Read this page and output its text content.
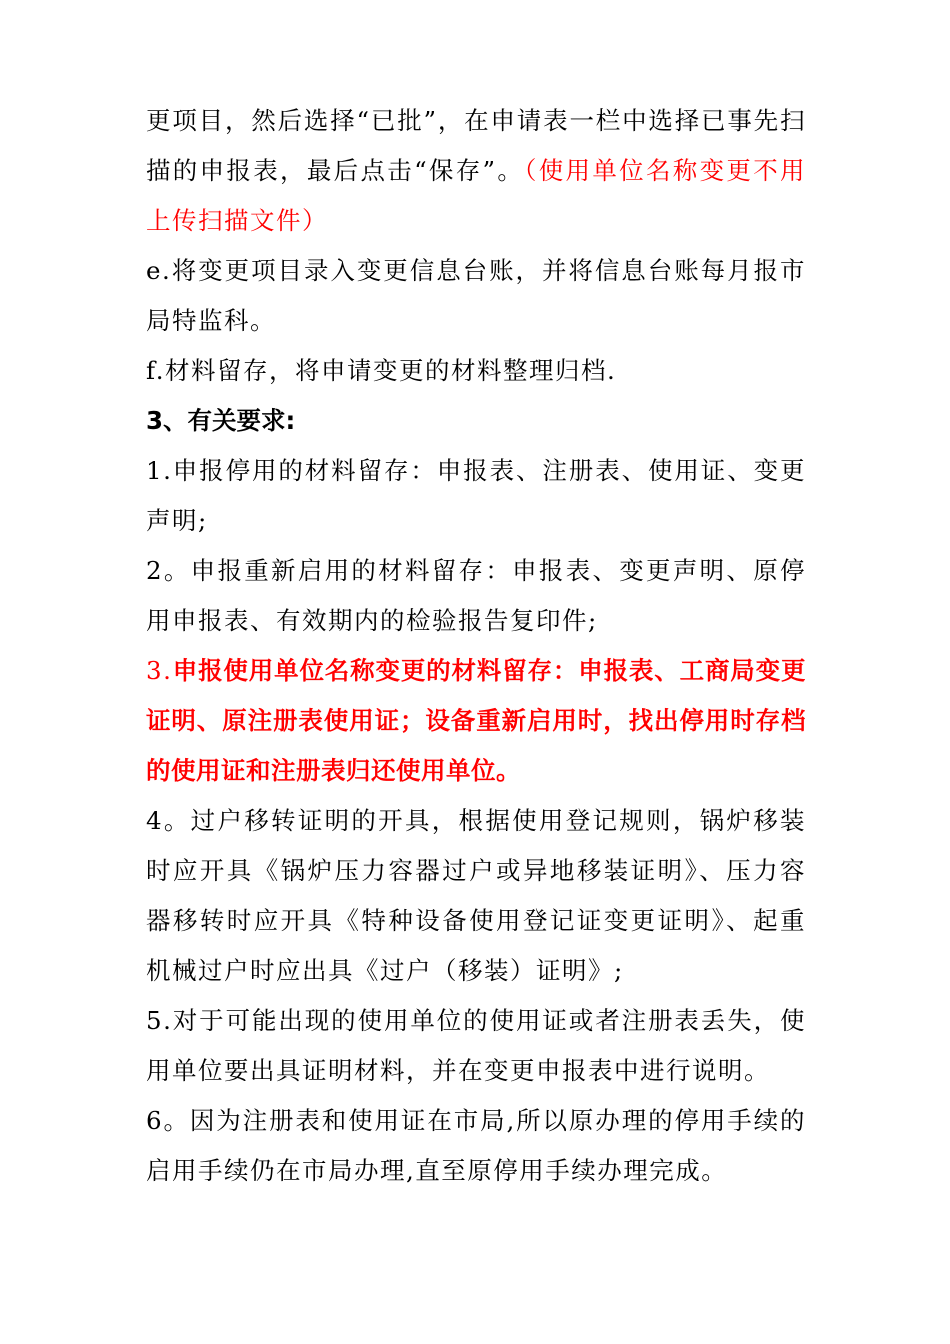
更项目，然后选择“已批”，在申请表一栏中选择已事先扫描的申报表，最后点击“保存”。（使用单位名称变更不用上传扫描文件）

e.将变更项目录入变更信息台账，并将信息台账每月报市局特监科。

f.材料留存，将申请变更的材料整理归档.

3、有关要求:

1.申报停用的材料留存：申报表、注册表、使用证、变更声明;

2。申报重新启用的材料留存：申报表、变更声明、原停用申报表、有效期内的检验报告复印件;

3.申报使用单位名称变更的材料留存：申报表、工商局变更证明、原注册表使用证；设备重新启用时，找出停用时存档的使用证和注册表归还使用单位。

4。过户移转证明的开具，根据使用登记规则，锅炉移装时应开具《锅炉压力容器过户或异地移装证明》、压力容器移转时应开具《特种设备使用登记证变更证明》、起重机械过户时应出具《过户（移装）证明》;

5.对于可能出现的使用单位的使用证或者注册表丢失，使用单位要出具证明材料，并在变更申报表中进行说明。

6。因为注册表和使用证在市局,所以原办理的停用手续的启用手续仍在市局办理,直至原停用手续办理完成。
